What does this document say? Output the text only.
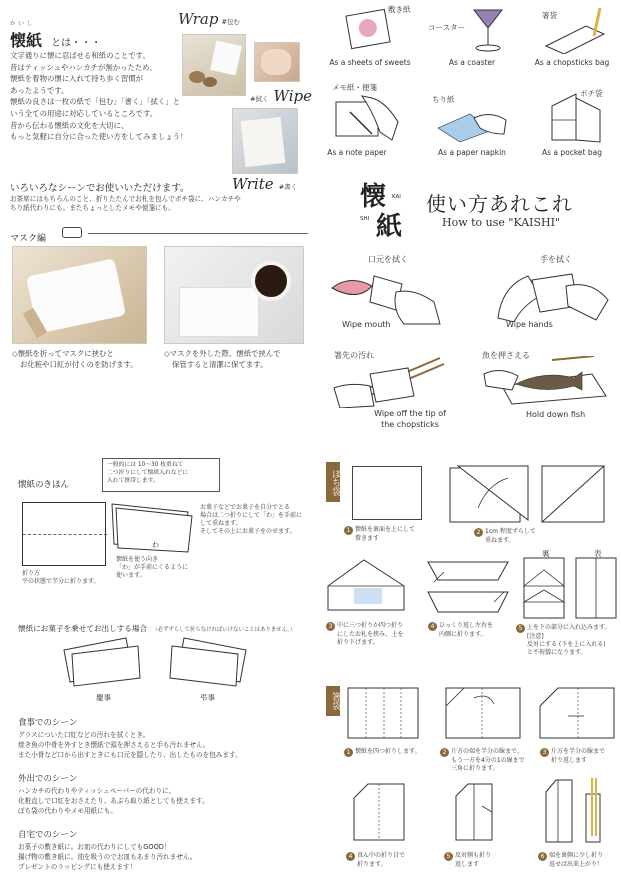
かいし
懐紙 とは・・・
文字通りに懐に忍ばせる和紙のことです。
昔はティッシュやハンカチが無かったため、
懐紙を着物の懐に入れて持ち歩く習慣が
あったようです。
懐紙の良さは一枚の紙で「包む」「書く」「拭く」と
いう全ての用途に対応しているところです。
昔から伝わる懐紙の文化を大切に、
もっと気軽に自分に合った使い方をしてみましょう！
Wrap #包む
#拭く Wipe
Write #書く
いろいろなシーンでお使いいただけます。
お茶席にはもちろんのこと、折りたたんでお札を包んでポチ袋に、ハンカチや
ちり紙代わりにも。またちょっとしたメモや便箋にも。
マスク編
◇懐紙を折ってマスクに挟むと
お化粧や口紅が付くのを防げます。
◇マスクを外した際、懐紙で挟んで
保管すると清潔に保てます。
敷き紙
As a sheets of sweets
コースター
As a coaster
箸袋
As a chopsticks bag
メモ紙・便箋
As a note paper
ちり紙
As a paper napkin
ポチ袋
As a pocket bag
懐 KAI
SHI 紙
使い方あれこれ
How to use "KAISHI"
口元を拭く
Wipe mouth
手を拭く
Wipe hands
箸先の汚れ
Wipe off the tip of the chopsticks
魚を押さえる
Hold down fish
懐紙のきほん
一般的には 10〜30 枚重ねて
二つ折りにして懐紙入れなどに
入れて携帯します。
折り方
平の状態で半分に折ります。
わ
懐紙を使う向き
「わ」が手前にくるように
使います。
お菓子などでお菓子を自分でとる
場合は二つ折りにして「わ」を手前に
して重ねます。
そしてその上にお菓子をのせます。
懐紙にお菓子を乗せてお出しする場合 （必ずずらして折らなければいけないことはありません。）
慶事	弔事
食事でのシーン
グラスについた口紅などの汚れを拭くとき。
焼き魚の中骨を外すとき懐紙で頭を押さえると手も汚れません。
また小骨など口から出すときにも口元を隠したり、出したものを包みます。
外出でのシーン
ハンカチの代わりやティッシュペーパーの代わりに。
化粧直しで口紅をおさえたり、あぶら取り紙としても使えます。
ぽち袋の代わりやメモ用紙にも。
自宅でのシーン
お菓子の敷き紙に。お皿の代わりにしてもGOOD！
揚げ物の敷き紙に。油を吸うのでお皿もあまり汚れません。
プレゼントのラッピングにも使えます！
ぽち袋
箸袋
1 懐紙を裏面を上にして
置きます
2 1cm 程度ずらして
重ねます。
3 中に三つ折りか四つ折り
にしたお札を挟み、上を
折り下げます。
4 ひっくり返し左右を
内側に折ります。
裏	表
5 上を下の部分に入れ込みます。
[注意]
反対にする (下を上に入れる)
と不祝儀になります。
1 懐紙を四つ折りします。	2 片方の端を半分の線まで、
もう一方を4分の1の線まで
三角に折ります。
3 片方を半分の線まで
折り返します
4 真ん中の折り目で
折ります。
5 反対側も折り
返します
6 端を裏側に少し折り
返せば出来上がり！
